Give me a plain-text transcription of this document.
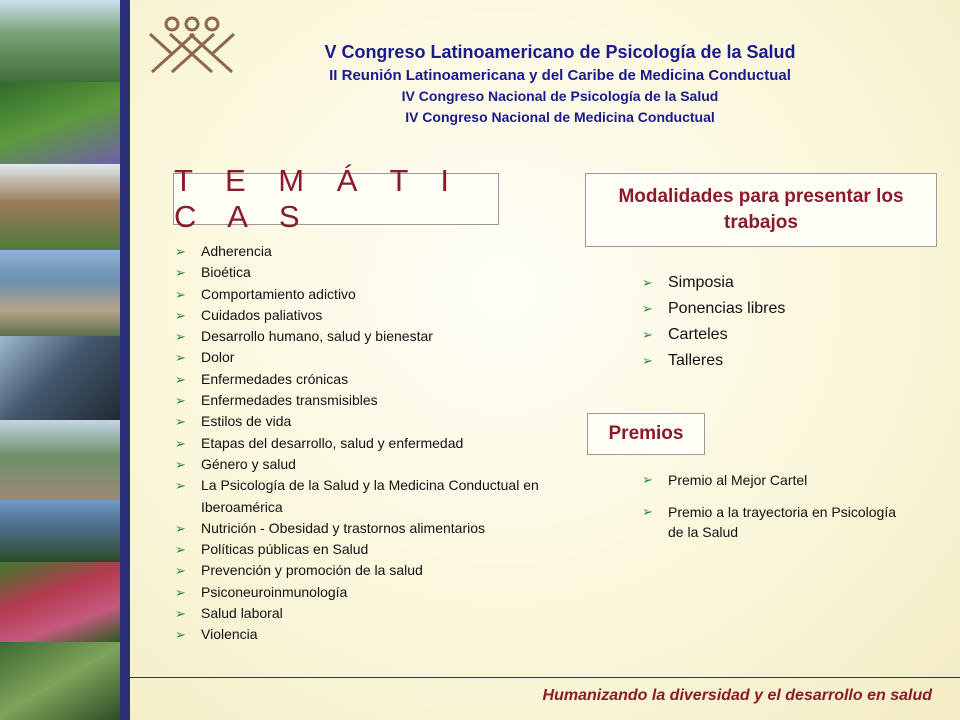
V Congreso Latinoamericano de Psicología de la Salud
II Reunión Latinoamericana y del Caribe de Medicina Conductual
IV Congreso Nacional de Psicología de la Salud
IV Congreso Nacional de Medicina Conductual
T E M Á T I C A S
➢ Adherencia
➢ Bioética
➢ Comportamiento adictivo
➢ Cuidados paliativos
➢ Desarrollo humano, salud y bienestar
➢ Dolor
➢ Enfermedades crónicas
➢ Enfermedades transmisibles
➢ Estilos de vida
➢ Etapas del desarrollo, salud y enfermedad
➢ Género y salud
➢ La Psicología de la Salud y la Medicina Conductual en Iberoamérica
➢ Nutrición - Obesidad y trastornos alimentarios
➢ Políticas públicas en Salud
➢ Prevención y promoción de la salud
➢ Psiconeuroinmunología
➢ Salud laboral
➢ Violencia
Modalidades para presentar los trabajos
➢ Simposia
➢ Ponencias libres
➢ Carteles
➢ Talleres
Premios
➢ Premio al Mejor Cartel
➢ Premio a la trayectoria en Psicología de la Salud
Humanizando la diversidad y el desarrollo en salud
